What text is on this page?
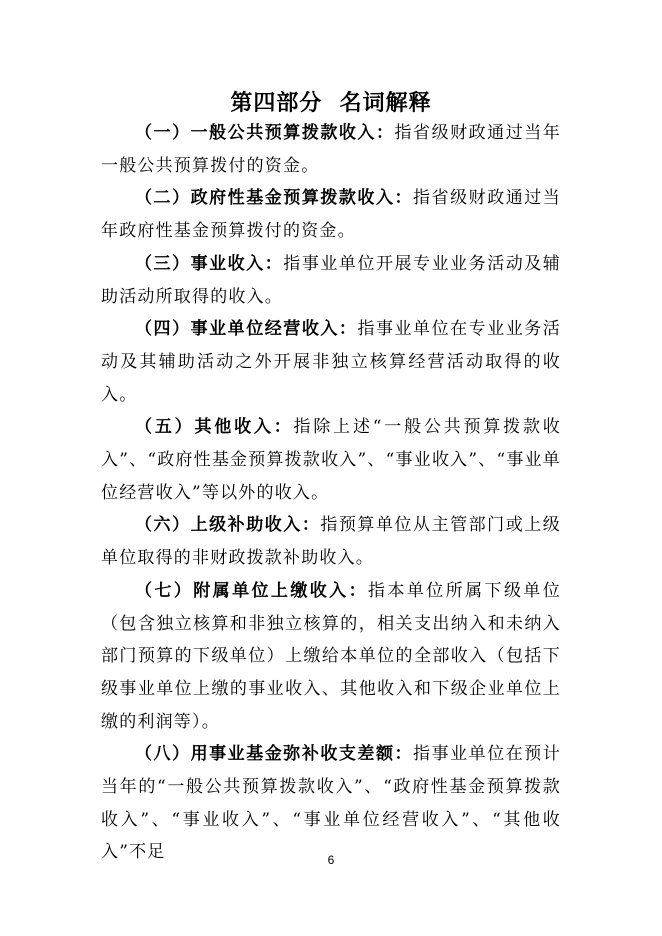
第四部分  名词解释

（一）一般公共预算拨款收入：指省级财政通过当年一般公共预算拨付的资金。

（二）政府性基金预算拨款收入：指省级财政通过当年政府性基金预算拨付的资金。

（三）事业收入：指事业单位开展专业业务活动及辅助活动所取得的收入。

（四）事业单位经营收入：指事业单位在专业业务活动及其辅助活动之外开展非独立核算经营活动取得的收入。

（五）其他收入：指除上述“一般公共预算拨款收入”、“政府性基金预算拨款收入”、“事业收入”、“事业单位经营收入”等以外的收入。

（六）上级补助收入：指预算单位从主管部门或上级单位取得的非财政拨款补助收入。

（七）附属单位上缴收入：指本单位所属下级单位（包含独立核算和非独立核算的，相关支出纳入和未纳入部门预算的下级单位）上缴给本单位的全部收入（包括下级事业单位上缴的事业收入、其他收入和下级企业单位上缴的利润等）。

（八）用事业基金弥补收支差额：指事业单位在预计当年的“一般公共预算拨款收入”、“政府性基金预算拨款收入”、“事业收入”、“事业单位经营收入”、“其他收入”不足	6
